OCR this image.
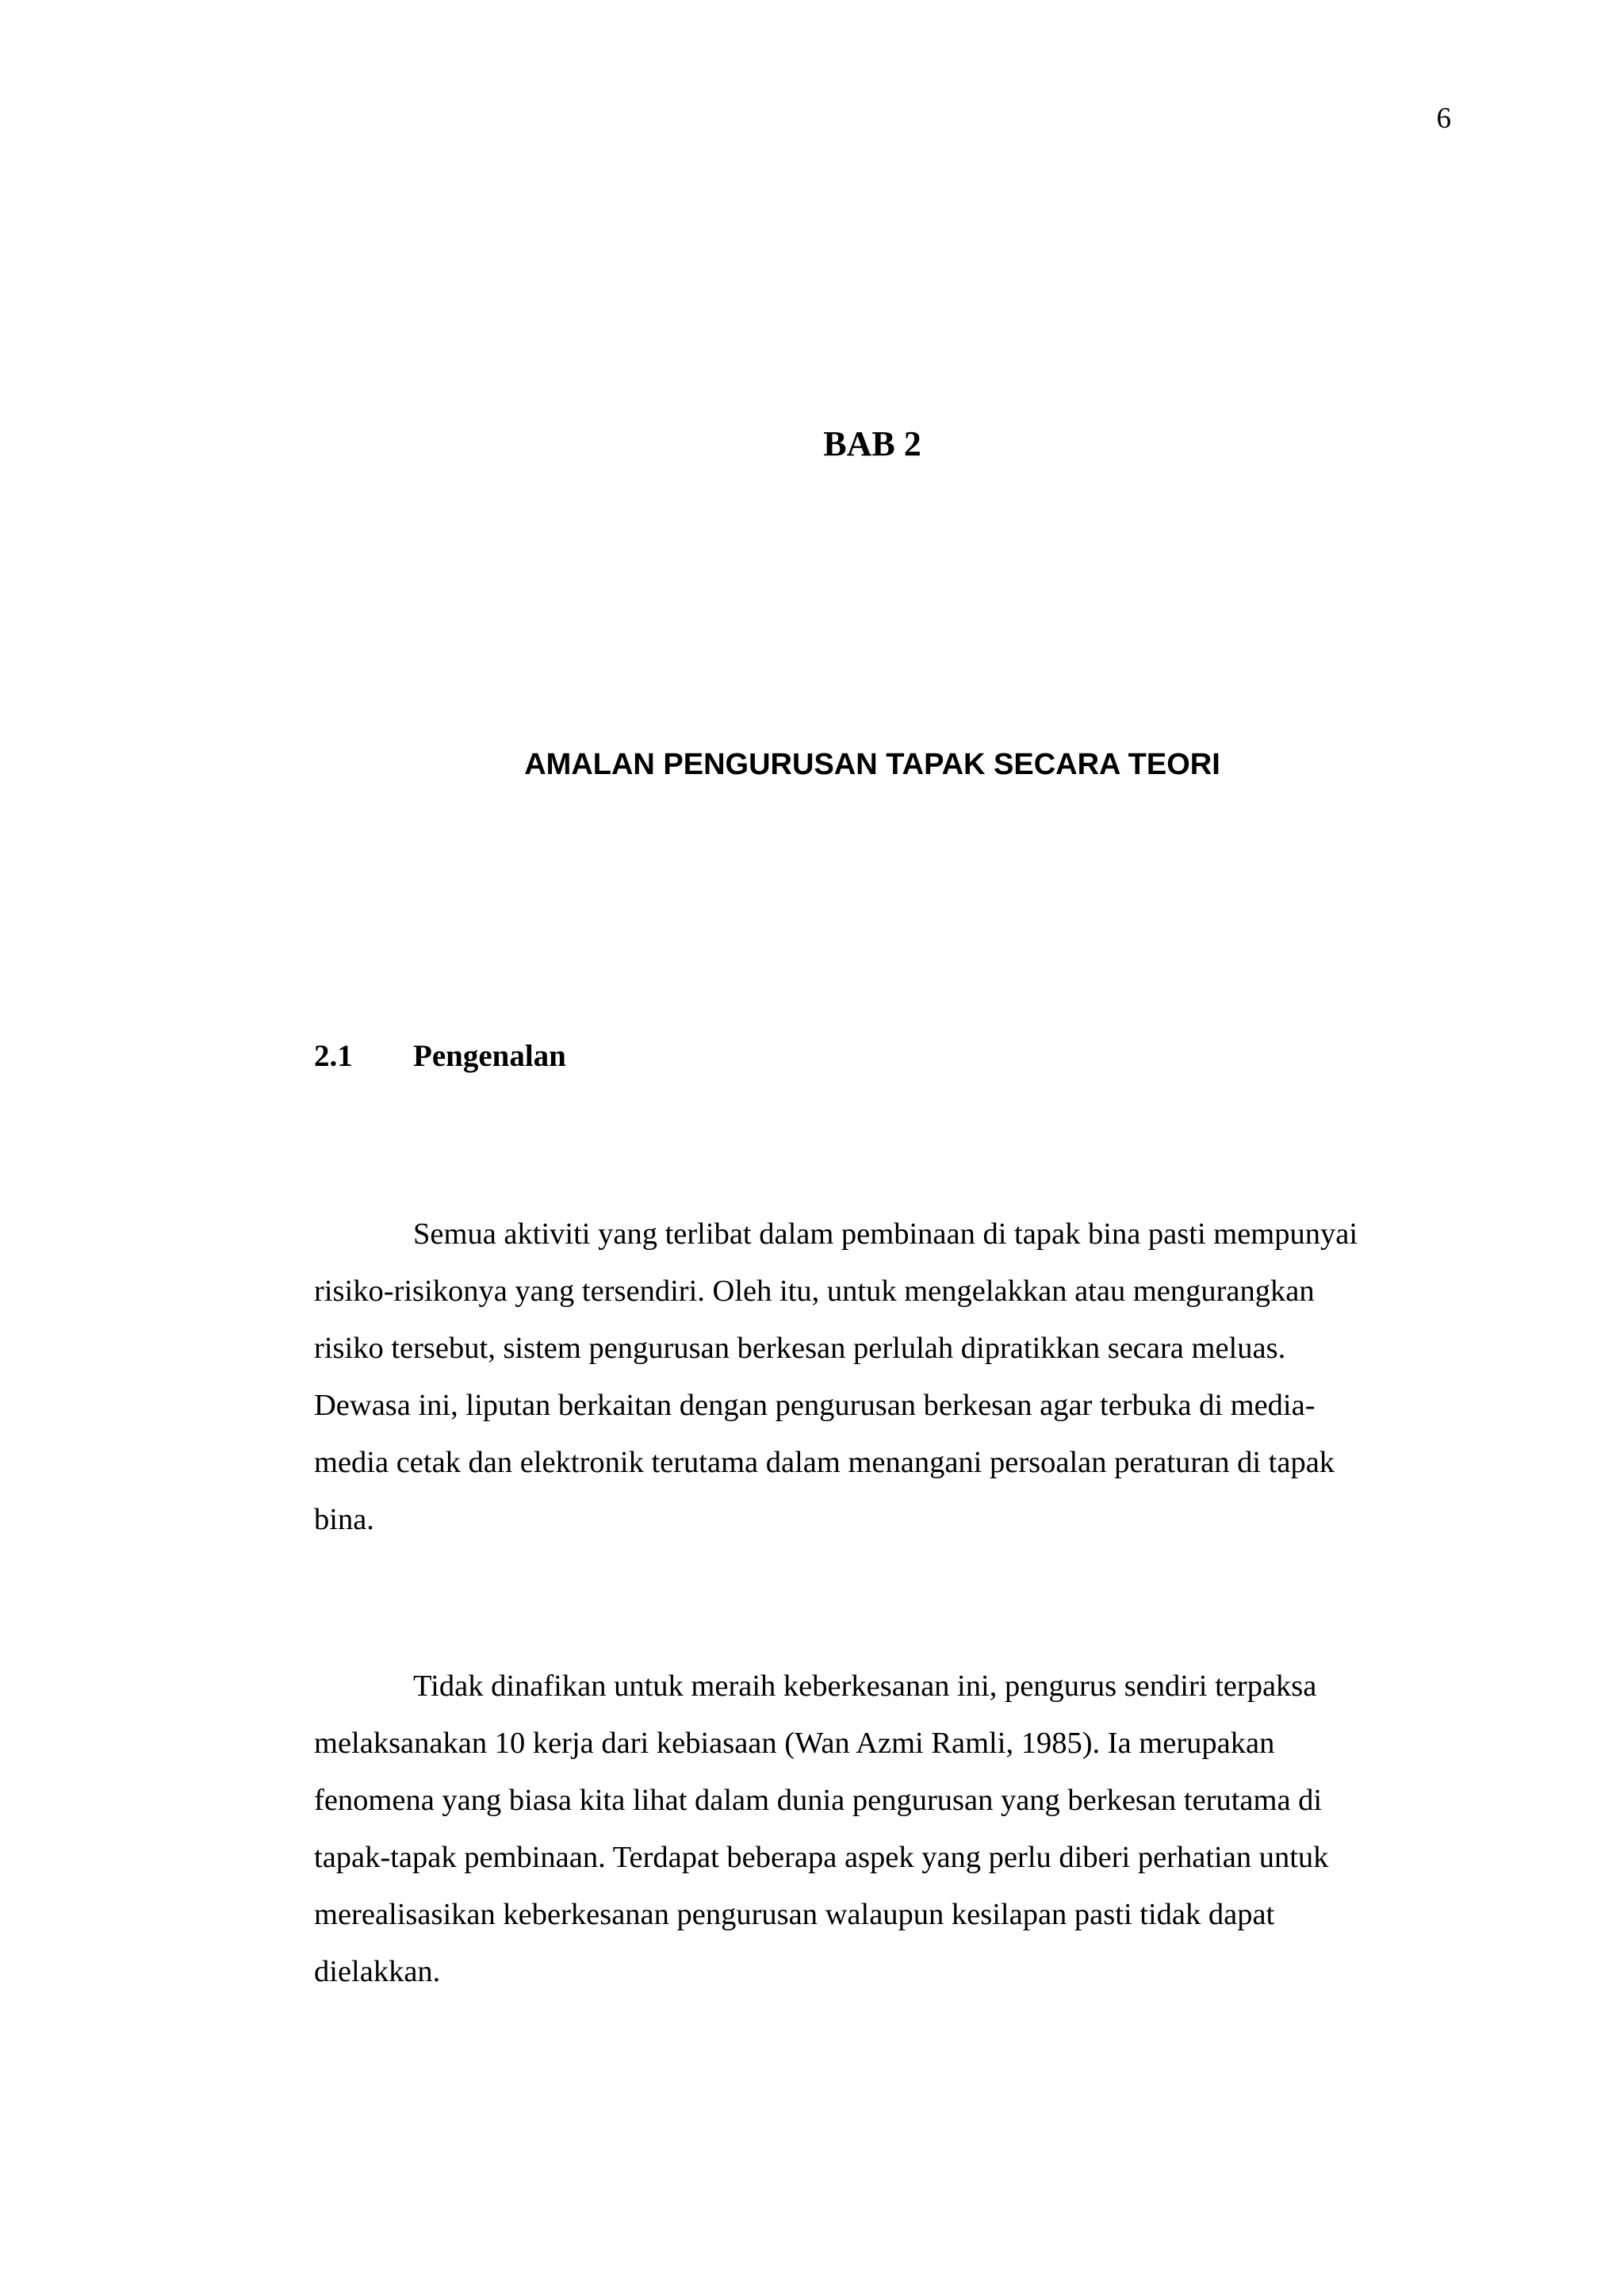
6
BAB 2
AMALAN PENGURUSAN TAPAK SECARA TEORI
2.1 Pengenalan
Semua aktiviti yang terlibat dalam pembinaan di tapak bina pasti mempunyai
risiko-risikonya yang tersendiri. Oleh itu, untuk mengelakkan atau mengurangkan
risiko tersebut, sistem pengurusan berkesan perlulah dipratikkan secara meluas.
Dewasa ini, liputan berkaitan dengan pengurusan berkesan agar terbuka di media-
media cetak dan elektronik terutama dalam menangani persoalan peraturan di tapak
bina.
Tidak dinafikan untuk meraih keberkesanan ini, pengurus sendiri terpaksa
melaksanakan 10 kerja dari kebiasaan (Wan Azmi Ramli, 1985). Ia merupakan
fenomena yang biasa kita lihat dalam dunia pengurusan yang berkesan terutama di
tapak-tapak pembinaan. Terdapat beberapa aspek yang perlu diberi perhatian untuk
merealisasikan keberkesanan pengurusan walaupun kesilapan pasti tidak dapat
dielakkan.
